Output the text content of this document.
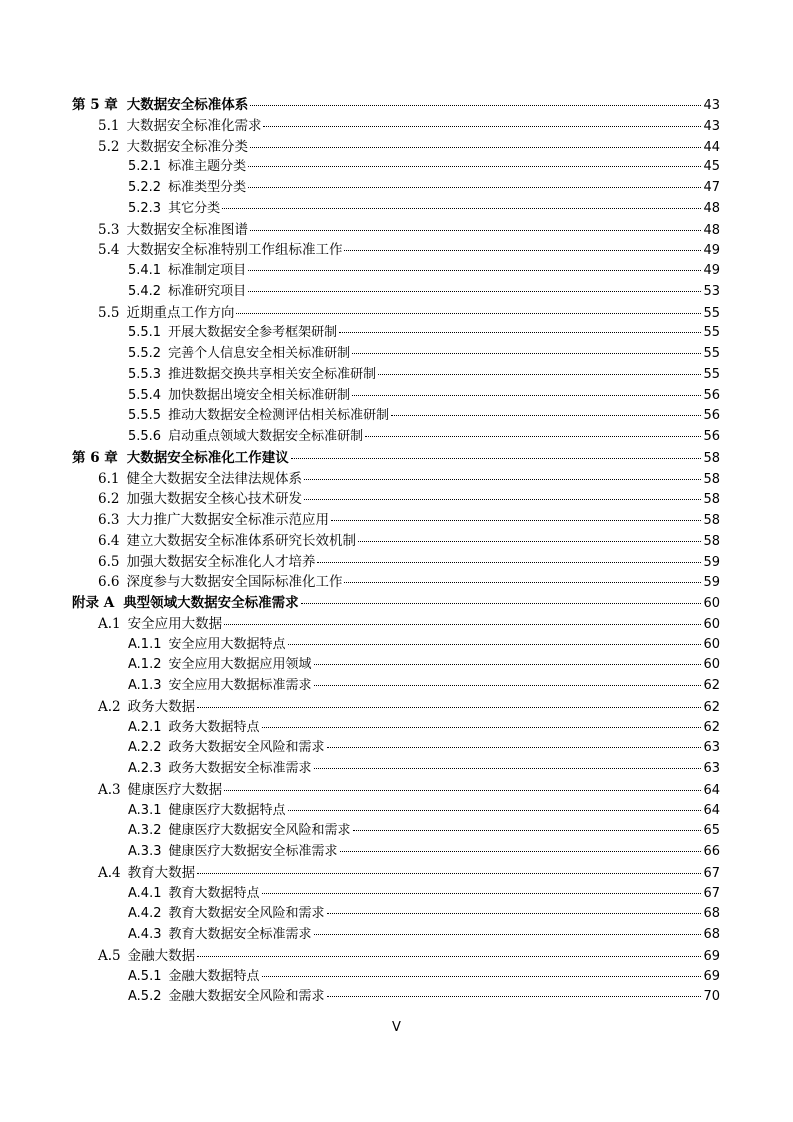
第 5 章 大数据安全标准体系	43
5.1 大数据安全标准化需求	43
5.2 大数据安全标准分类	44
5.2.1 标准主题分类	45
5.2.2 标准类型分类	47
5.2.3 其它分类	48
5.3 大数据安全标准图谱	48
5.4 大数据安全标准特别工作组标准工作	49
5.4.1 标准制定项目	49
5.4.2 标准研究项目	53
5.5 近期重点工作方向	55
5.5.1 开展大数据安全参考框架研制	55
5.5.2 完善个人信息安全相关标准研制	55
5.5.3 推进数据交换共享相关安全标准研制	55
5.5.4 加快数据出境安全相关标准研制	56
5.5.5 推动大数据安全检测评估相关标准研制	56
5.5.6 启动重点领域大数据安全标准研制	56
第 6 章 大数据安全标准化工作建议	58
6.1 健全大数据安全法律法规体系	58
6.2 加强大数据安全核心技术研发	58
6.3 大力推广大数据安全标准示范应用	58
6.4 建立大数据安全标准体系研究长效机制	58
6.5 加强大数据安全标准化人才培养	59
6.6 深度参与大数据安全国际标准化工作	59
附录 A 典型领域大数据安全标准需求	60
A.1 安全应用大数据	60
A.1.1 安全应用大数据特点	60
A.1.2 安全应用大数据应用领域	60
A.1.3 安全应用大数据标准需求	62
A.2 政务大数据	62
A.2.1 政务大数据特点	62
A.2.2 政务大数据安全风险和需求	63
A.2.3 政务大数据安全标准需求	63
A.3 健康医疗大数据	64
A.3.1 健康医疗大数据特点	64
A.3.2 健康医疗大数据安全风险和需求	65
A.3.3 健康医疗大数据安全标准需求	66
A.4 教育大数据	67
A.4.1 教育大数据特点	67
A.4.2 教育大数据安全风险和需求	68
A.4.3 教育大数据安全标准需求	68
A.5 金融大数据	69
A.5.1 金融大数据特点	69
A.5.2 金融大数据安全风险和需求	70
V
